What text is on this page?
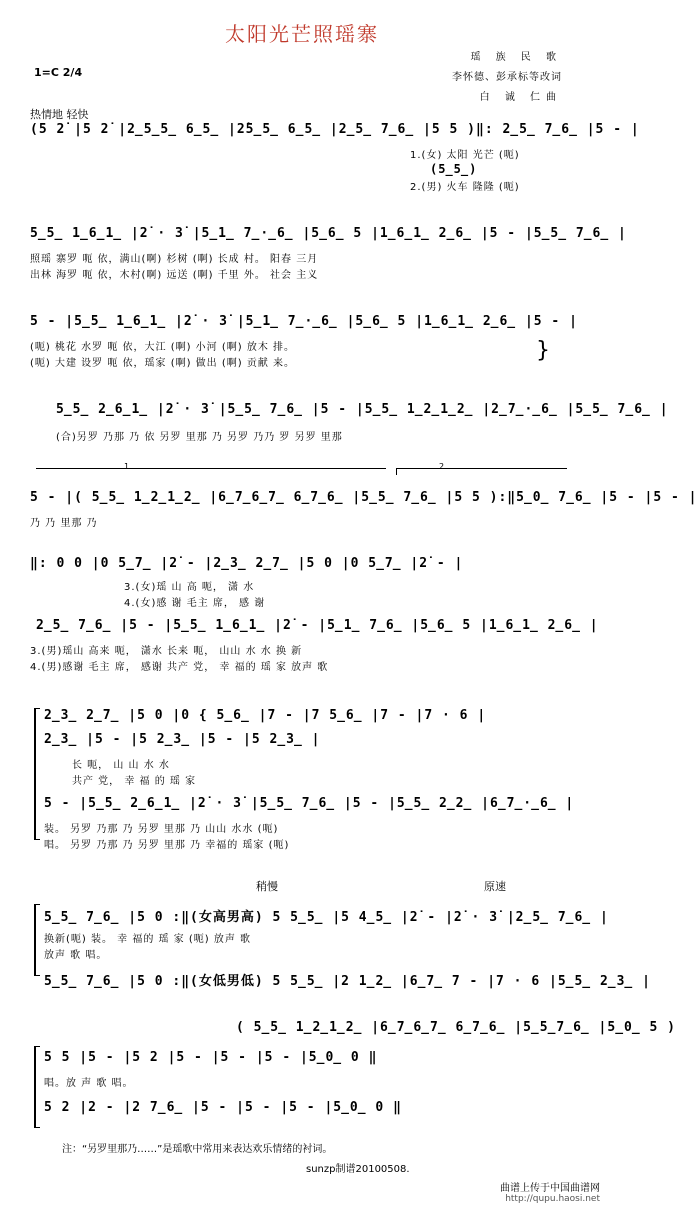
太阳光芒照瑶寨
瑶 族 民 歌
李怀德、彭承标等改词
白 诚 仁曲
1=C 2/4
热情地 轻快
(5 2̇ |5 2̇ |2̲5̲5̲ 6̲5̲ |2̇5̲5̲ 6̲5̲ |2̲5̲ 7̲6̲ |5 5 )‖: 2̲5̲ 7̲6̲ |5 - |
1.(女) 太阳 光芒 (呃)
(5̲5̲)
2.(男) 火车 隆隆 (呃)
5̲5̲ 1̲6̲1̲ |2̇ · 3̇ |5̲1̲ 7̲·̲6̲ |5̲6̲ 5 |1̲6̲1̲ 2̲6̲ |5 - |5̲5̲ 7̲6̲ |
照瑶 寨罗 呃 依，满山(啊) 杉树 (啊) 长成 村。 阳春 三月
出林 海罗 呃 依，木村(啊) 远送 (啊) 千里 外。 社会 主义
5 - |5̲5̲ 1̲6̲1̲ |2̇ · 3̇ |5̲1̲ 7̲·̲6̲ |5̲6̲ 5 |1̲6̲1̲ 2̲6̲ |5 - |
(呃) 桃花 水罗 呃 依，大江 (啊) 小河 (啊) 放木 排。
(呃) 大建 设罗 呃 依，瑶家 (啊) 做出 (啊) 贡献 来。
}
5̲5̲ 2̲6̲1̲ |2̇ · 3̇ |5̲5̲ 7̲6̲ |5 - |5̲5̲ 1̲2̲1̲2̲ |2̲7̲·̲6̲ |5̲5̲ 7̲6̲ |
(合)另罗 乃那 乃 依 另罗 里那 乃 另罗 乃乃 罗 另罗 里那
1	2
5 - |( 5̲5̲ 1̲2̲1̲2̲ |6̲7̲6̲7̲ 6̲7̲6̲ |5̲5̲ 7̲6̲ |5 5 ):‖5̲0̲ 7̲6̲ |5 - |5 - |
乃 乃 里那 乃
‖: 0 0 |0 5̲7̲ |2̇ - |2̲3̲ 2̲7̲ |5 0 |0 5̲7̲ |2̇ - |
3.(女)瑶 山 高 呃， 潇 水
4.(女)感 谢 毛主 席， 感 谢
2̲5̲ 7̲6̲ |5 - |5̲5̲ 1̲6̲1̲ |2̇ - |5̲1̲ 7̲6̲ |5̲6̲ 5 |1̲6̲1̲ 2̲6̲ |
3.(男)瑶山 高来 呃， 潇水 长来 呃， 山山 水 水 换 新
4.(男)感谢 毛主 席， 感谢 共产 党， 幸 福的 瑶 家 放声 歌
2̲3̲ 2̲7̲ |5 0 |0 { 5̲6̲ |7 - |7 5̲6̲ |7 - |7 · 6 |
2̲3̲ |5 - |5 2̲3̲ |5 - |5 2̲3̲ |
长 呃， 山 山 水 水
共产 党， 幸 福 的 瑶 家
5 - |5̲5̲ 2̲6̲1̲ |2̇ · 3̇ |5̲5̲ 7̲6̲ |5 - |5̲5̲ 2̲2̲ |6̲7̲·̲6̲ |
装。 另罗 乃那 乃 另罗 里那 乃 山山 水水 (呃)
唱。 另罗 乃那 乃 另罗 里那 乃 幸福的 瑶家 (呃)
稍慢	原速
5̲5̲ 7̲6̲ |5 0 :‖(女高男高) 5 5̲5̲ |5 4̲5̲ |2̇ - |2̇ · 3̇ |2̲5̲ 7̲6̲ |
换新(呃) 装。 幸 福的 瑶 家 (呃) 放声 歌
放声 歌 唱。
5̲5̲ 7̲6̲ |5 0 :‖(女低男低) 5 5̲5̲ |2 1̲2̲ |6̲7̲ 7 - |7 · 6 |5̲5̲ 2̲3̲ |
( 5̲5̲ 1̲2̲1̲2̲ |6̲7̲6̲7̲ 6̲7̲6̲ |5̲5̲7̲6̲ |5̲0̲ 5 )
5 5 |5 - |5 2 |5 - |5 - |5 - |5̲0̲ 0 ‖
唱。放 声 歌 唱。
5 2 |2 - |2 7̲6̲ |5 - |5 - |5 - |5̲0̲ 0 ‖
注：“另罗里那乃……”是瑶歌中常用来表达欢乐情绪的衬词。
sunzp制谱20100508.
曲谱上传于中国曲谱网
http://qupu.haosi.net
